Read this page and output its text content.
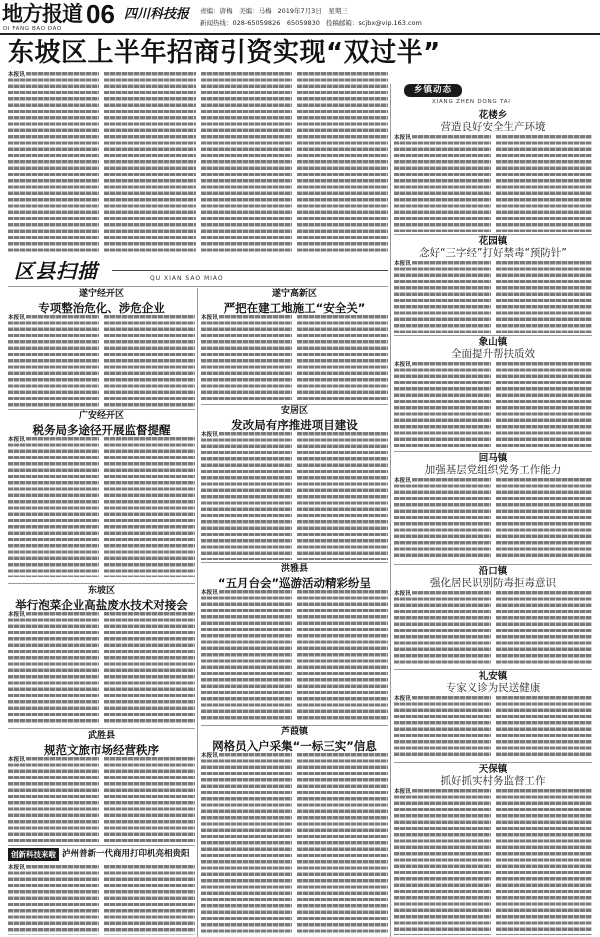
地方报道 06
DI FANG BAO DAO
四川科技报 责编：唐梅　美编：马梅 2019年7月3日　星期三
新闻热线：028-65059826　65059830 投稿邮箱：scjbx@vip.163.com
东坡区上半年招商引资实现“双过半”
本报讯
乡镇动态
XIANG ZHEN DONG TAI
花楼乡
营造良好安全生产环境
本报讯
花园镇
念好“三字经”打好禁毒“预防针”
本报讯
象山镇
全面提升帮扶质效
本报讯
回马镇
加强基层党组织党务工作能力
本报讯
沿口镇
强化居民识别防毒拒毒意识
本报讯
礼安镇
专家义诊为民送健康
本报讯
天保镇
抓好抓实村务监督工作
本报讯
区县扫描	QU XIAN SAO MIAO
遂宁经开区
专项整治危化、涉危企业
本报讯
广安经开区
税务局多途径开展监督提醒
本报讯
东坡区
举行泡菜企业高盐废水技术对接会
本报讯
武胜县
规范文旅市场经营秩序
本报讯
创新科技来啦 泸州普新一代商用打印机亮相贵阳
本报讯
遂宁高新区
严把在建工地施工“安全关”
本报讯
安居区
发改局有序推进项目建设
本报讯
洪雅县
“五月台会”巡游活动精彩纷呈
本报讯
芦葭镇
网格员入户采集“一标三实”信息
本报讯
